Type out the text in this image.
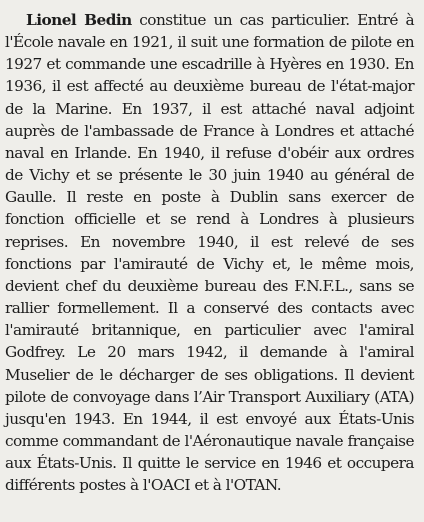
Lionel Bedin constitue un cas particulier. Entré à l'École navale en 1921, il suit une formation de pilote en 1927 et commande une escadrille à Hyères en 1930. En 1936, il est affecté au deuxième bureau de l'état-major de la Marine. En 1937, il est attaché naval adjoint auprès de l'ambassade de France à Londres et attaché naval en Irlande. En 1940, il refuse d'obéir aux ordres de Vichy et se présente le 30 juin 1940 au général de Gaulle. Il reste en poste à Dublin sans exercer de fonction officielle et se rend à Londres à plusieurs reprises. En novembre 1940, il est relevé de ses fonctions par l'amirauté de Vichy et, le même mois, devient chef du deuxième bureau des F.N.F.L., sans se rallier formellement. Il a conservé des contacts avec l'amirauté britannique, en particulier avec l'amiral Godfrey. Le 20 mars 1942, il demande à l'amiral Muselier de le décharger de ses obligations. Il devient pilote de convoyage dans l’Air Transport Auxiliary (ATA) jusqu'en 1943. En 1944, il est envoyé aux États-Unis comme commandant de l'Aéronautique navale française aux États-Unis. Il quitte le service en 1946 et occupera différents postes à l'OACI et à l'OTAN.
